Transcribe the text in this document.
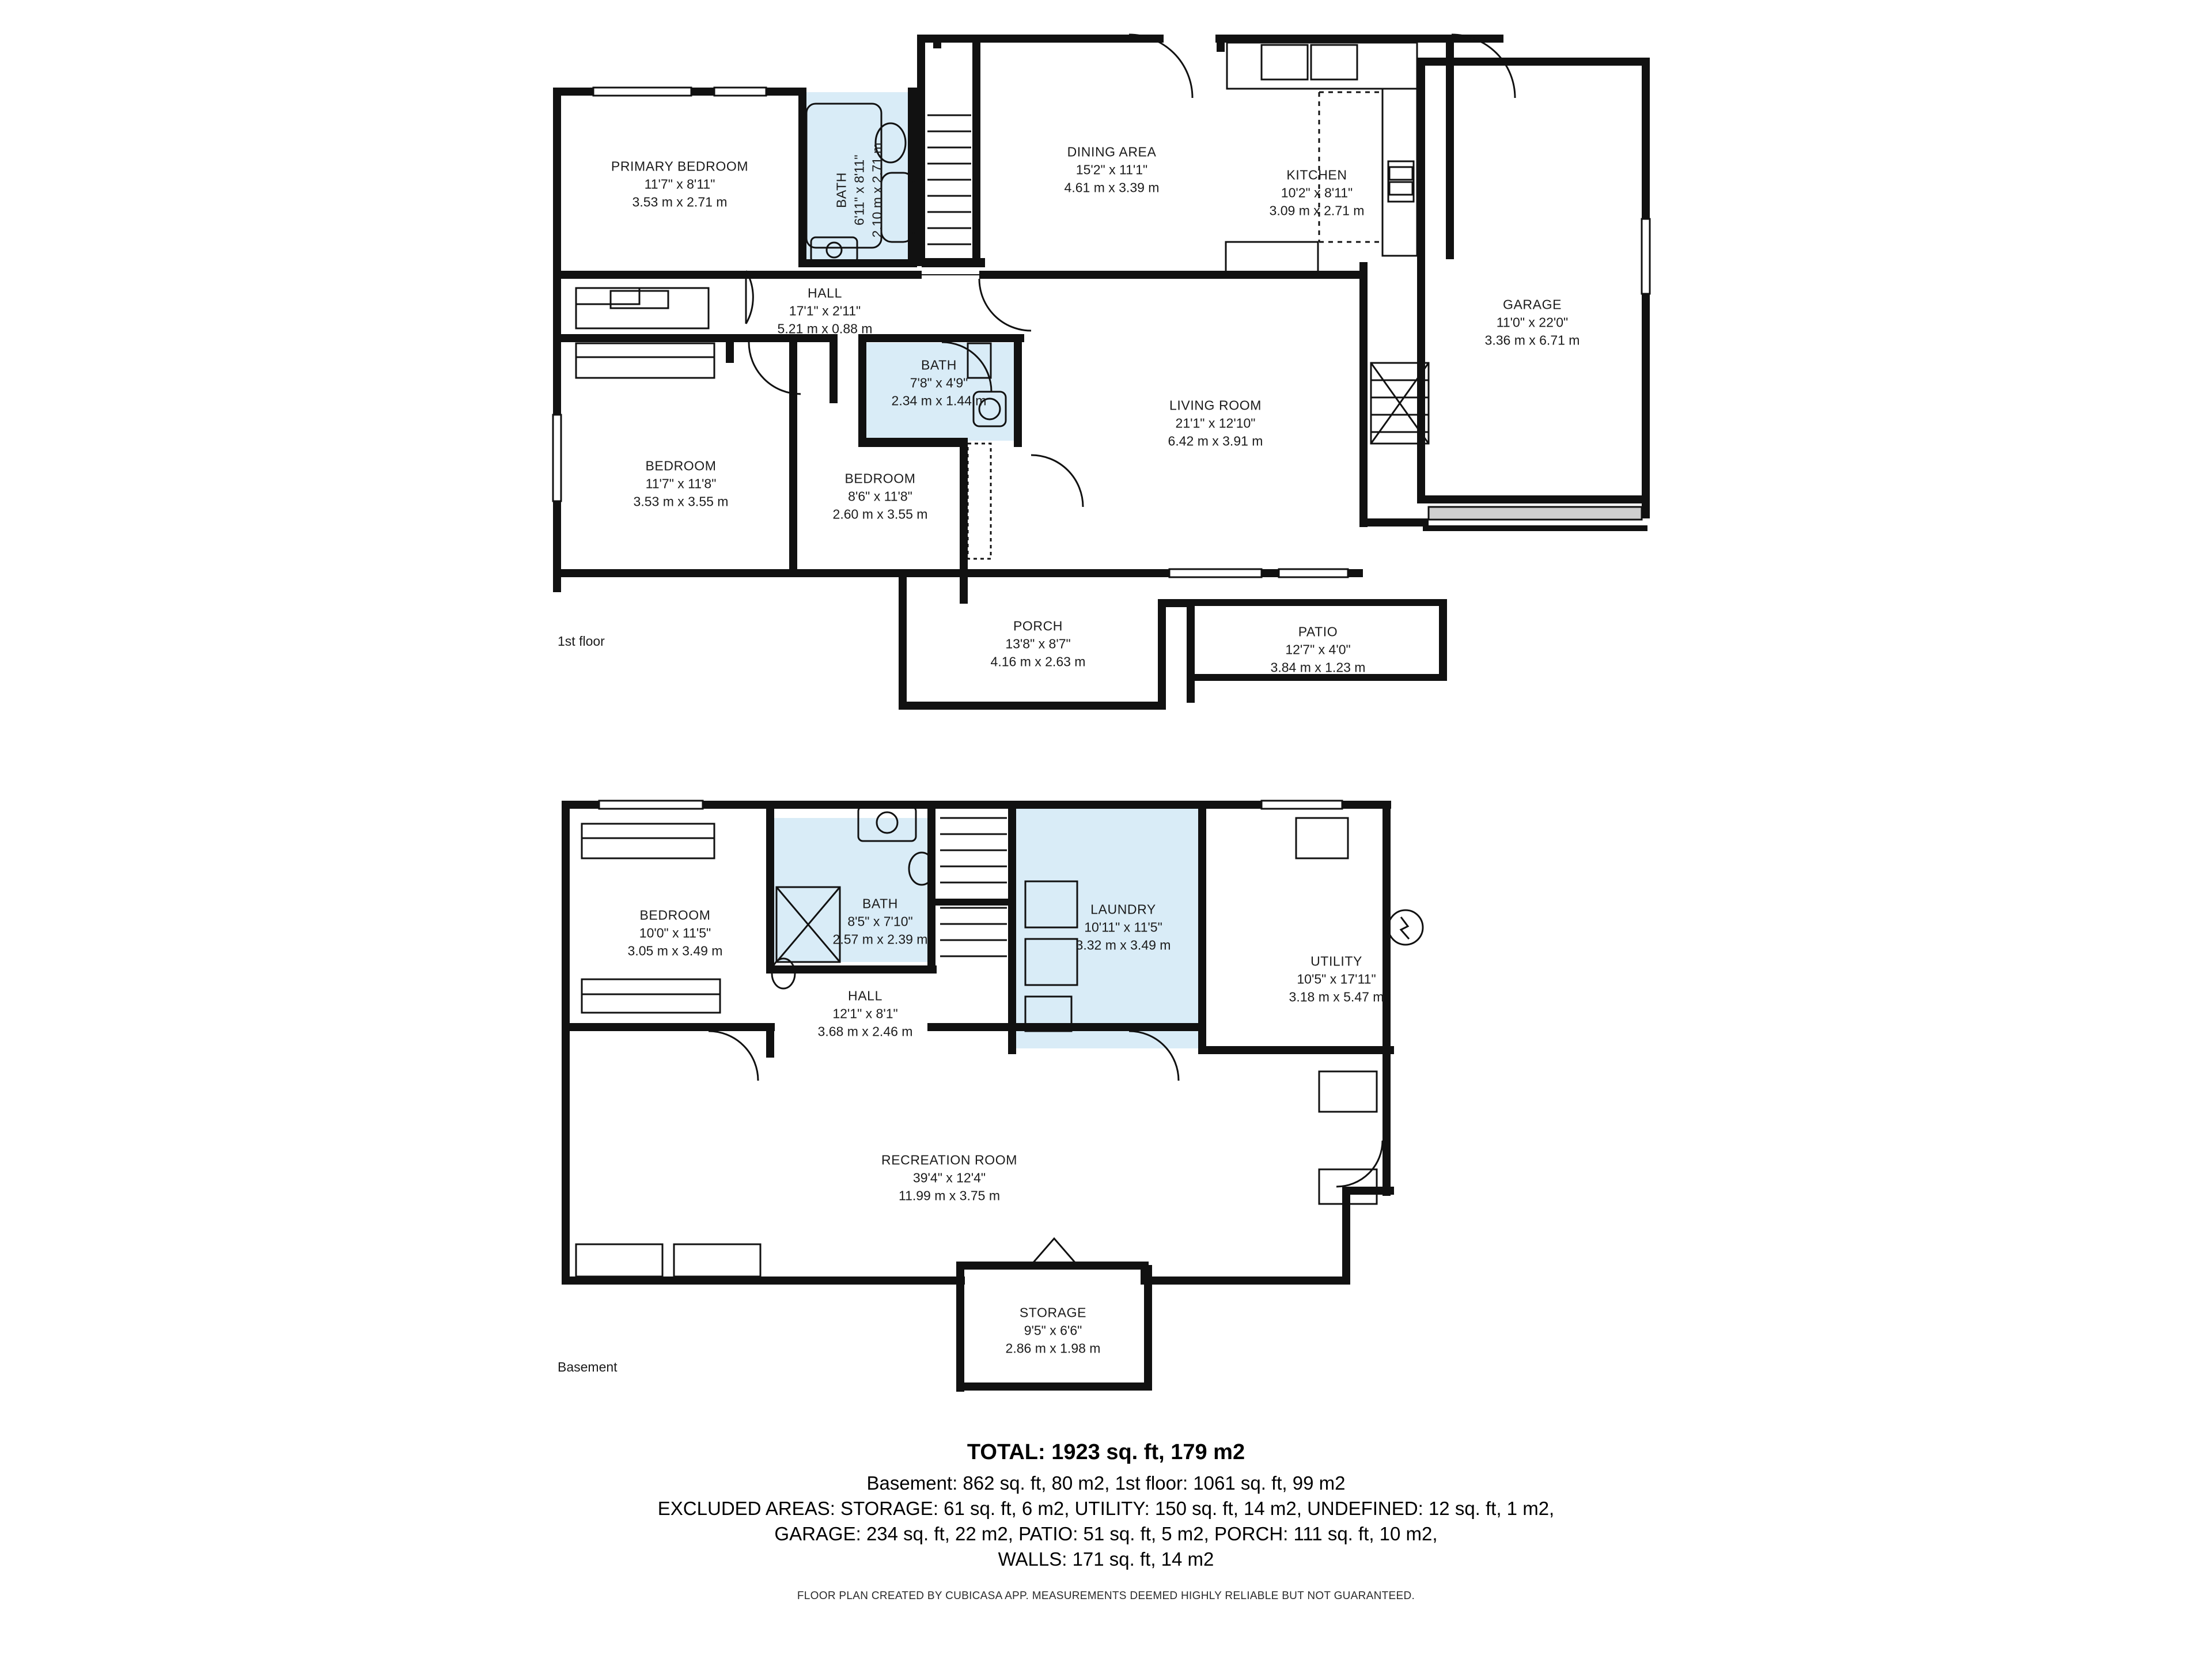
PRIMARY BEDROOM
11'7" x 8'11"
3.53 m x 2.71 m	BATH 6'11" x 8'11" 2.10 m x 2.71 m	DINING AREA
15'2" x 11'1"
4.61 m x 3.39 m
KITCHEN
10'2" x 8'11"
3.09 m x 2.71 m
GARAGE
11'0" x 22'0"
3.36 m x 6.71 m
HALL
17'1" x 2'11"
5.21 m x 0.88 m
BATH
7'8" x 4'9"
2.34 m x 1.44 m	LIVING ROOM
21'1" x 12'10"
6.42 m x 3.91 m
BEDROOM
11'7" x 11'8"
3.53 m x 3.55 m
BEDROOM
8'6" x 11'8"
2.60 m x 3.55 m
PORCH
13'8" x 8'7"
4.16 m x 2.63 m
PATIO
12'7" x 4'0"
3.84 m x 1.23 m
1st floor
BEDROOM
10'0" x 11'5"
3.05 m x 3.49 m
BATH
8'5" x 7'10"
2.57 m x 2.39 m
LAUNDRY
10'11" x 11'5"
3.32 m x 3.49 m
UTILITY
10'5" x 17'11"
3.18 m x 5.47 m
HALL
12'1" x 8'1"
3.68 m x 2.46 m
RECREATION ROOM
39'4" x 12'4"
11.99 m x 3.75 m
STORAGE
9'5" x 6'6"
2.86 m x 1.98 m
Basement
TOTAL: 1923 sq. ft, 179 m2
Basement: 862 sq. ft, 80 m2, 1st floor: 1061 sq. ft, 99 m2
EXCLUDED AREAS: STORAGE: 61 sq. ft, 6 m2, UTILITY: 150 sq. ft, 14 m2, UNDEFINED: 12 sq. ft, 1 m2,
GARAGE: 234 sq. ft, 22 m2, PATIO: 51 sq. ft, 5 m2, PORCH: 111 sq. ft, 10 m2,
WALLS: 171 sq. ft, 14 m2
FLOOR PLAN CREATED BY CUBICASA APP. MEASUREMENTS DEEMED HIGHLY RELIABLE BUT NOT GUARANTEED.
